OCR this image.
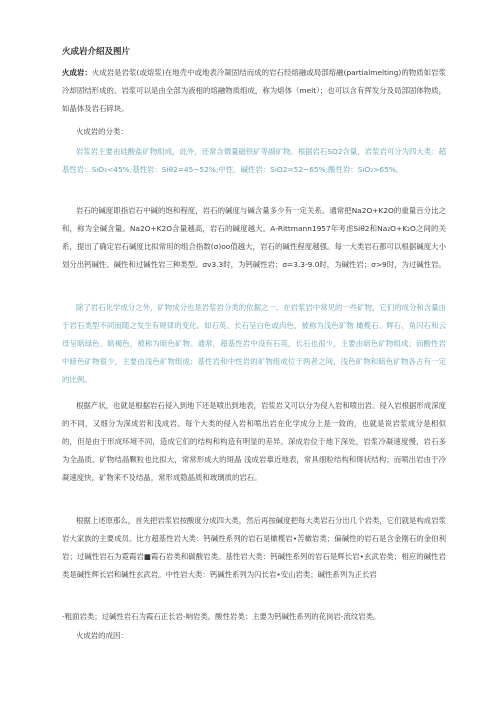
火成岩介绍及图片

火成岩：火成岩是岩浆(或熔浆)在地壳中或地表冷凝固结而成的岩石经熔融或局部熔融(partialmelting)的物质如岩浆冷却固结形成的。岩浆可以是由全部为液相的熔融物质组成，称为熔体（melt）；也可以含有挥发分及局部固体物质，如晶体及岩石碎块。

火成岩的分类：

岩浆岩主要由硅酸盐矿物组成，此外，还常含微量磁铁矿等副矿物。根据岩石SQ2含量，岩浆岩可分为四大类：超基性岩：SiO₂<45%;基性岩：Siθ2=45~52%;中性、碱性岩：SiO2=52~65%;酸性岩：SiO₂>65%。

岩石的碱度即指岩石中碱的饱和程度，岩石的碱度与碱含量多少有一定关系。通常把Na2O+K2O的重量百分比之和，称为全碱含量。Na2O+K2O含量越高，岩石的碱度越大。A-Rittmann1957年考虑Siθ2和Na₂O+K₂O之间的关系，提出了确定岩石碱度比拟常用的组合指数(σ)oo值越大，岩石的碱性程度越强。每一大类岩石都可以根据碱度大小划分出钙碱性、碱性和过碱性岩三种类型。σv3.3时，为钙碱性岩；σ=3.3-9.0时，为碱性岩；σ>9时，为过碱性岩。

除了岩石化学成分之外，矿物成分也是岩浆岩分类的依据之一。在岩浆岩中常见的一些矿物，它们的成分和含量由于岩石类型不同而随之发生有规律的变化。如石英、长石呈白色或肉色，被称为浅色矿物 橄榄石、辉石、角闪石和云母呈暗绿色、暗褐色，被称为暗色矿物。通常，超基性岩中没有石英，长石也很少，主要由暗色矿物组成；而酸性岩中暗色矿物很少，主要由浅色矿物组成；基性岩和中性岩的矿物组成位于两者之间，浅色矿物和暗色矿物各占有一定的比例。

根据产状，也就是根据岩石侵入到地下还是喷出到地表，岩浆岩又可以分为侵入岩和喷出岩。侵入岩根据形成深度的不同，又细分为深成岩和浅成岩。每个大类的侵入岩和喷出岩在化学成分上是一致的，也就是说岩浆成分是相似的，但是由于形成环境不同，造成它们的结构和构造有明显的差异。深成岩位于地下深处，岩浆冷凝速度慢，岩石多为全晶质、矿物结晶颗粒也比拟大，常常形成大的斑晶 浅成岩靠近地表，常具细粒结构和斑状结构；而喷出岩由于冷凝速度快，矿物来不及结晶，常形成隐晶质和玻璃质的岩石。

根据上述原那么，首先把岩浆岩按酸度分成四大类，然后再按碱度把每大类岩石分出几个岩类，它们就是构成岩浆岩大家族的主要成员。比方超基性岩大类：钙碱性系列的岩石是橄榄岩•苦橄岩类；偏碱性的岩石是含金刚石的金伯利岩；过碱性岩石为霓霞岩■霞石岩类和碳酸岩类。基性岩大类：钙碱性系列的岩石是辉长岩•玄武岩类；相应的碱性岩类是碱性辉长岩和碱性玄武岩。中性岩大类：钙碱性系列为闪长岩•安山岩类；碱性系列为正长岩

-粗面岩类；过碱性岩石为霞石正长岩-响岩类。酸性岩类：主要为钙碱性系列的花岗岩-流纹岩类。

火成岩的成因：
